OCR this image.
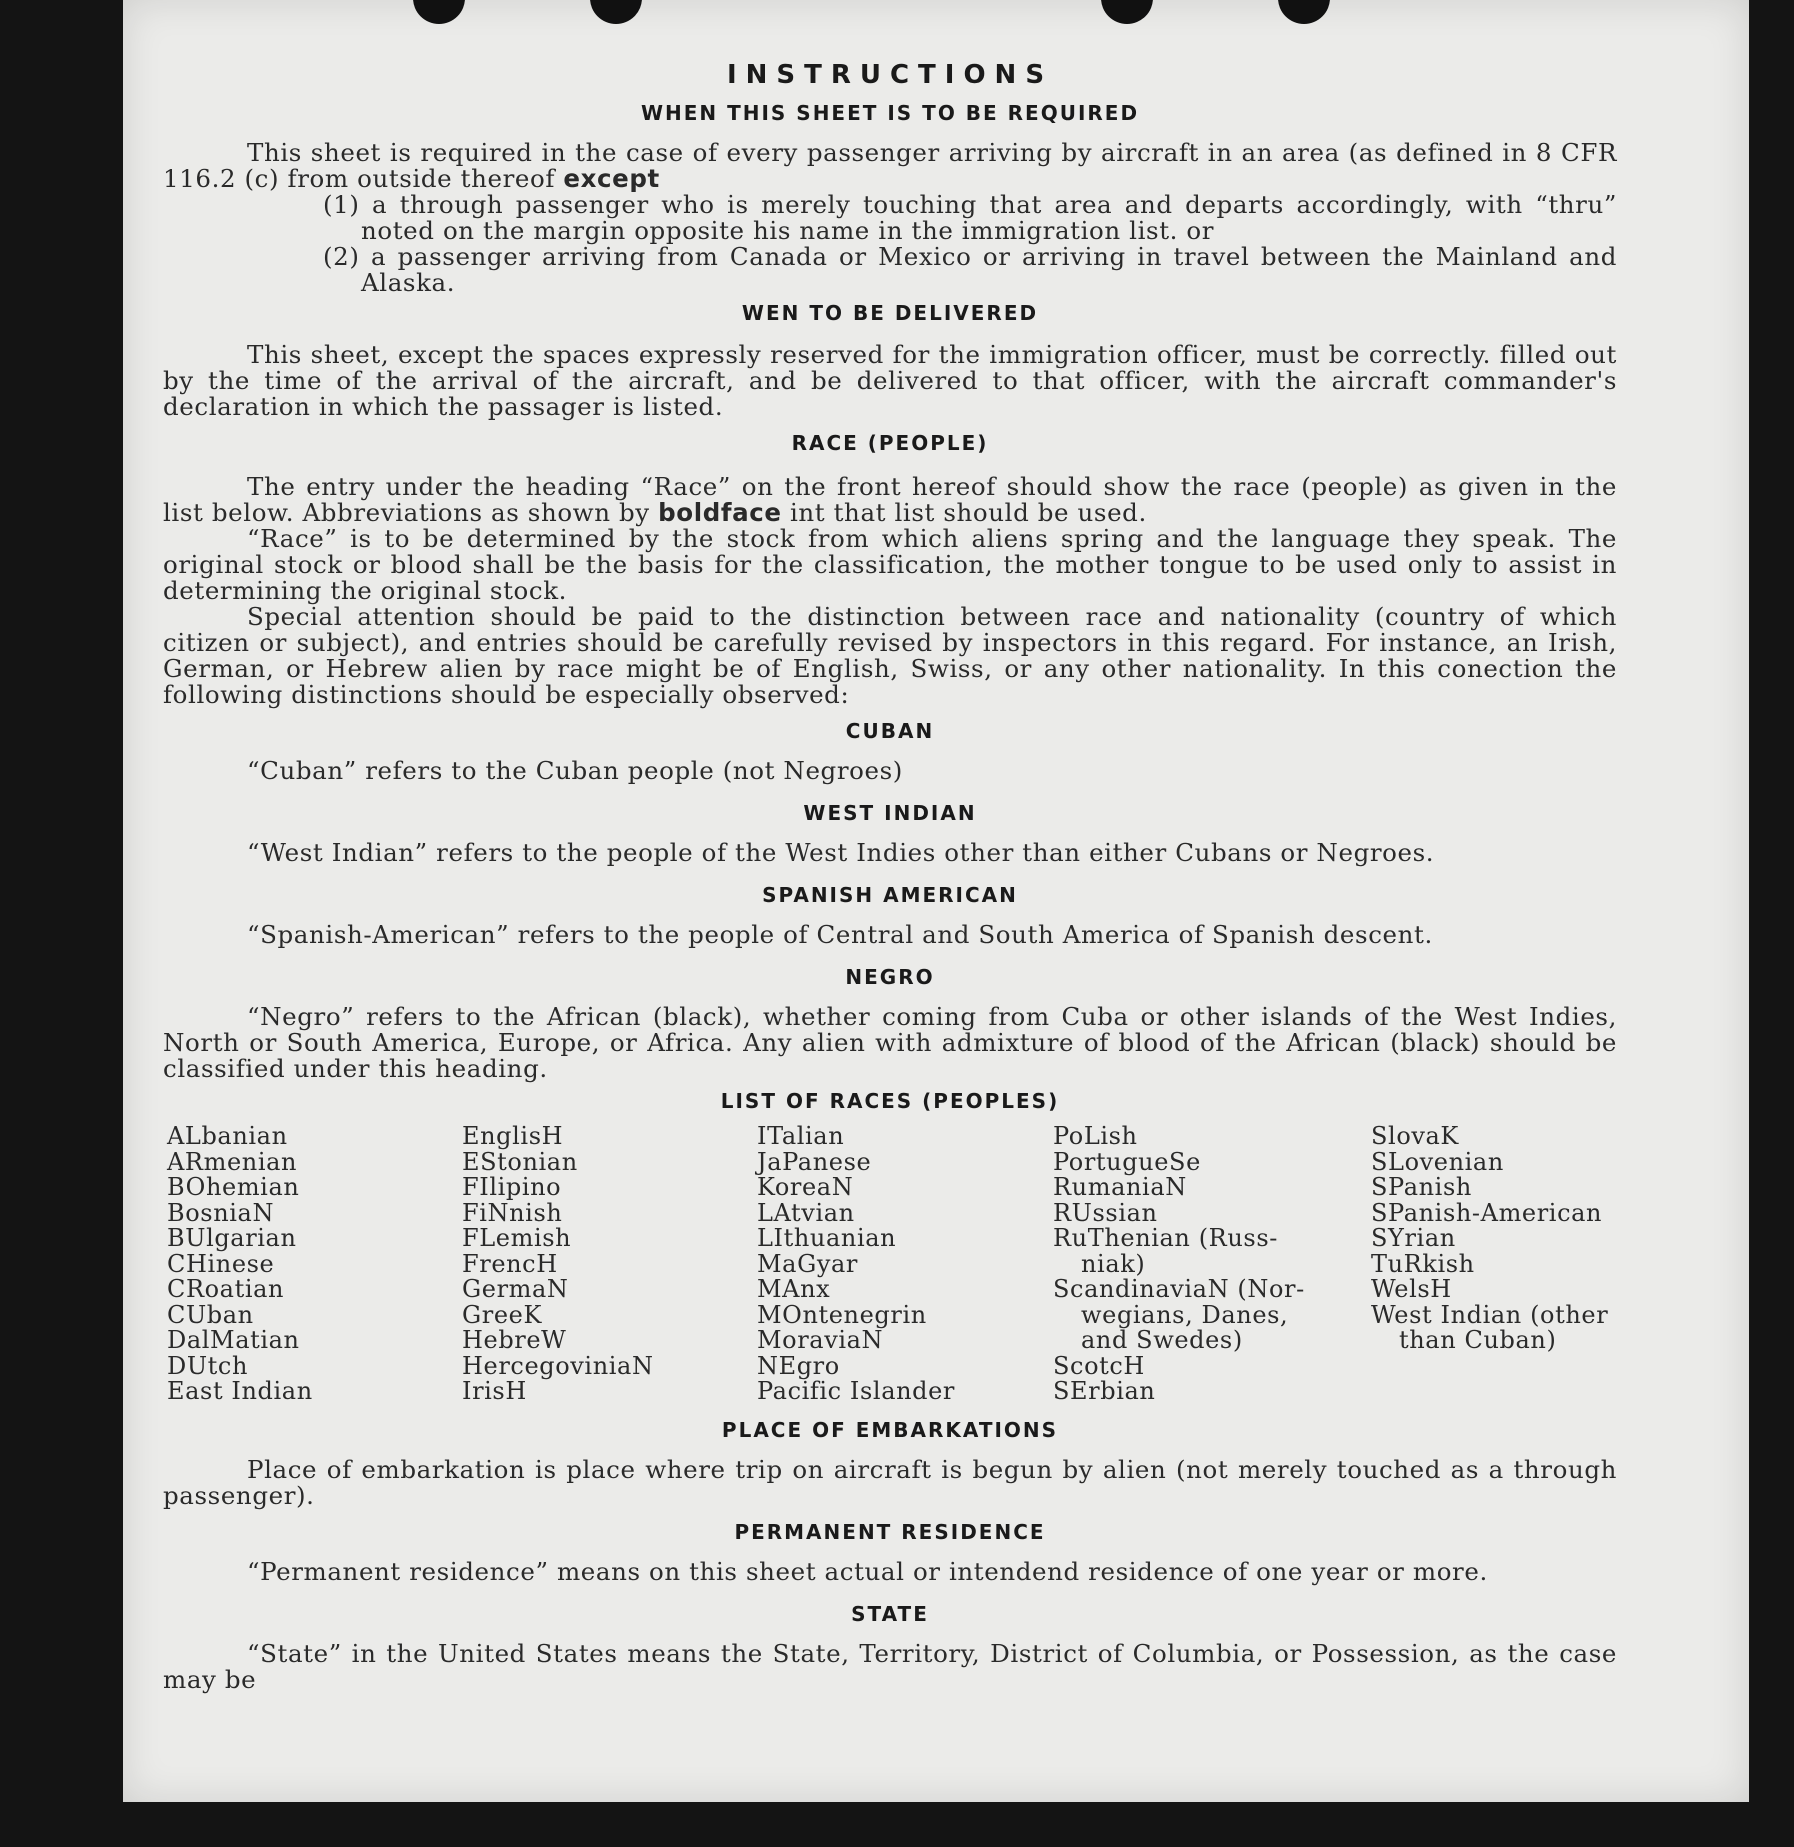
INSTRUCTIONS
WHEN THIS SHEET IS TO BE REQUIRED

This sheet is required in the case of every passenger arriving by aircraft in an area (as defined in 8 CFR 116.2 (c) from outside thereof except

(1) a through passenger who is merely touching that area and departs accordingly, with “thru” noted on the margin opposite his name in the immigration list. or

(2) a passenger arriving from Canada or Mexico or arriving in travel between the Mainland and Alaska.

WEN TO BE DELIVERED

This sheet, except the spaces expressly reserved for the immigration officer, must be correctly. filled out by the time of the arrival of the aircraft, and be delivered to that officer, with the aircraft commander's declaration in which the passager is listed.

RACE (PEOPLE)

The entry under the heading “Race” on the front hereof should show the race (people) as given in the list below. Abbreviations as shown by boldface int that list should be used.

“Race” is to be determined by the stock from which aliens spring and the language they speak. The original stock or blood shall be the basis for the classification, the mother tongue to be used only to assist in determining the original stock.

Special attention should be paid to the distinction between race and nationality (country of which citizen or subject), and entries should be carefully revised by inspectors in this regard. For instance, an Irish, German, or Hebrew alien by race might be of English, Swiss, or any other nationality. In this conection the following distinctions should be especially observed:

CUBAN

“Cuban” refers to the Cuban people (not Negroes)

WEST INDIAN

“West Indian” refers to the people of the West Indies other than either Cubans or Negroes.

SPANISH AMERICAN

“Spanish-American” refers to the people of Central and South America of Spanish descent.

NEGRO

“Negro” refers to the African (black), whether coming from Cuba or other islands of the West Indies, North or South America, Europe, or Africa. Any alien with admixture of blood of the African (black) should be classified under this heading.

LIST OF RACES (PEOPLES)
ALbanian
ARmenian
BOhemian
BosniaN
BUlgarian
CHinese
CRoatian
CUban
DalMatian
DUtch
East Indian
EnglisH
EStonian
FIlipino
FiNnish
FLemish
FrencH
GermaN
GreeK
HebreW
HercegoviniaN
IrisH
ITalian
JaPanese
KoreaN
LAtvian
LIthuanian
MaGyar
MAnx
MOntenegrin
MoraviaN
NEgro
Pacific Islander
PoLish
PortugueSe
RumaniaN
RUssian
RuThenian (Russ-
niak)
ScandinaviaN (Nor-
wegians, Danes,
and Swedes)
ScotcH
SErbian
SlovaK
SLovenian
SPanish
SPanish-American
SYrian
TuRkish
WelsH
West Indian (other
than Cuban)
PLACE OF EMBARKATIONS

Place of embarkation is place where trip on aircraft is begun by alien (not merely touched as a through passenger).

PERMANENT RESIDENCE

“Permanent residence” means on this sheet actual or intendend residence of one year or more.

STATE

“State” in the United States means the State, Territory, District of Columbia, or Possession, as the case may be
